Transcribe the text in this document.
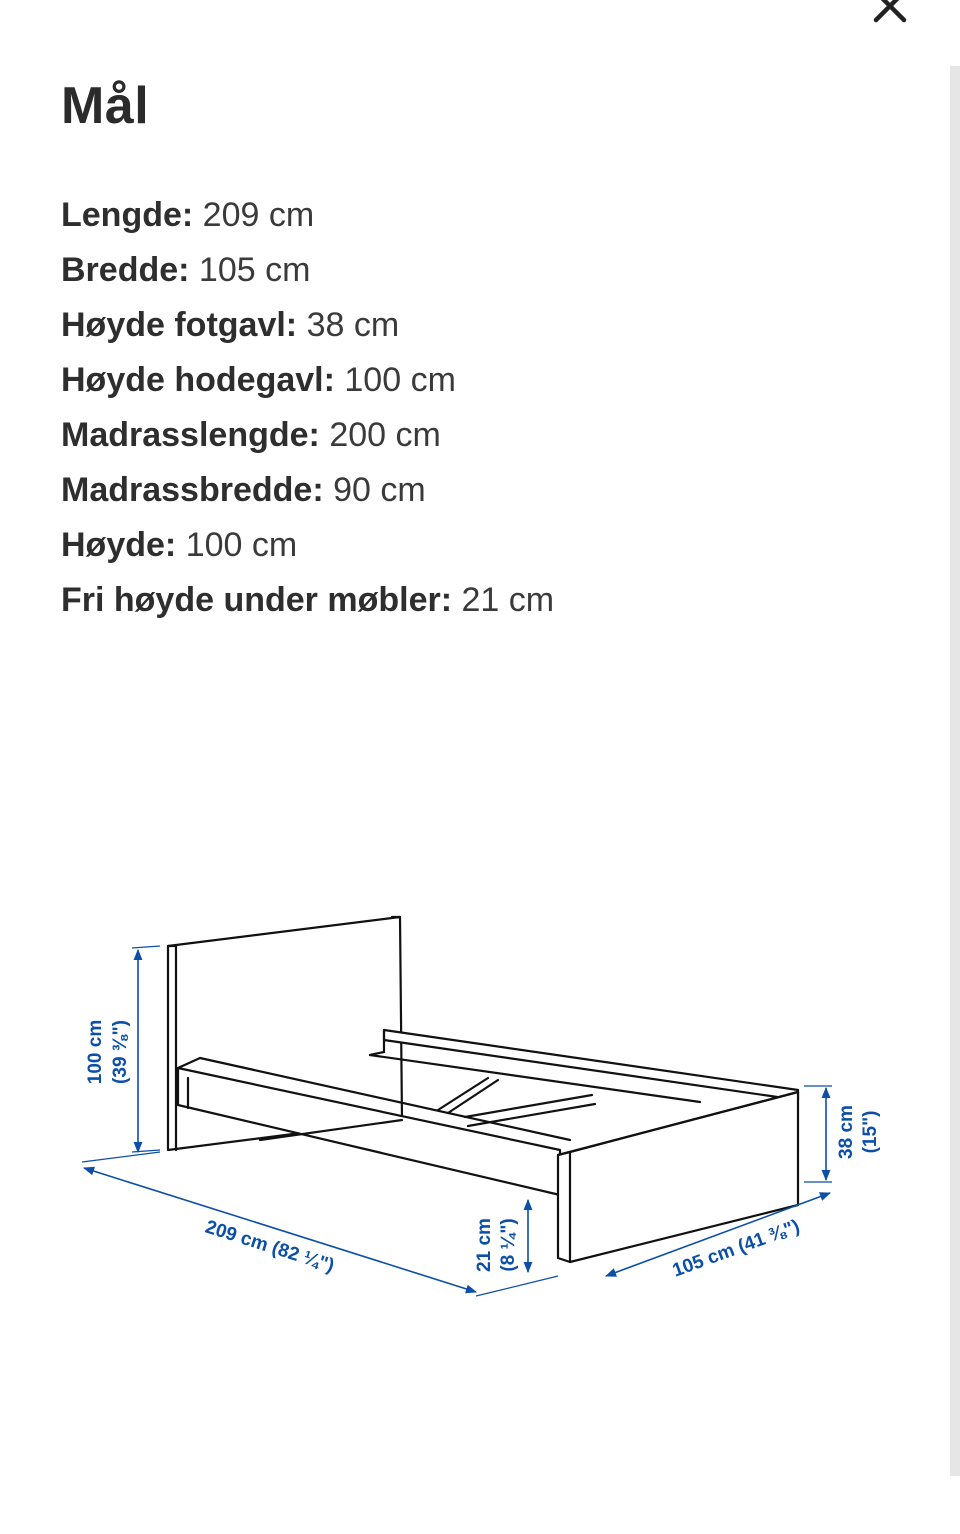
Mål
Lengde: 209 cm
Bredde: 105 cm
Høyde fotgavl: 38 cm
Høyde hodegavl: 100 cm
Madrasslengde: 200 cm
Madrassbredde: 90 cm
Høyde: 100 cm
Fri høyde under møbler: 21 cm
100 cm (39 ⅜")
209 cm (82 ¼")	21 cm (8 ¼")	105 cm (41 ⅜")
38 cm (15")
